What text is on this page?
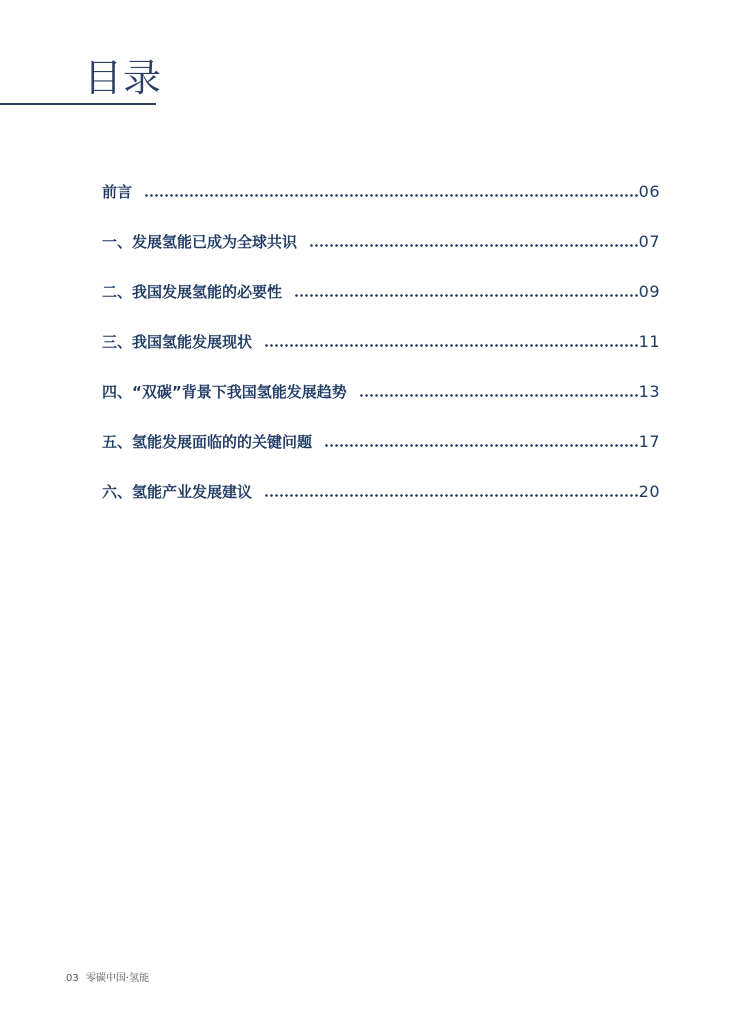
目录
前言	06
一、发展氢能已成为全球共识	07
二、我国发展氢能的必要性	09
三、我国氢能发展现状	11
四、“双碳”背景下我国氢能发展趋势	13
五、氢能发展面临的的关键问题	17
六、氢能产业发展建议	20
03 零碳中国·氢能
